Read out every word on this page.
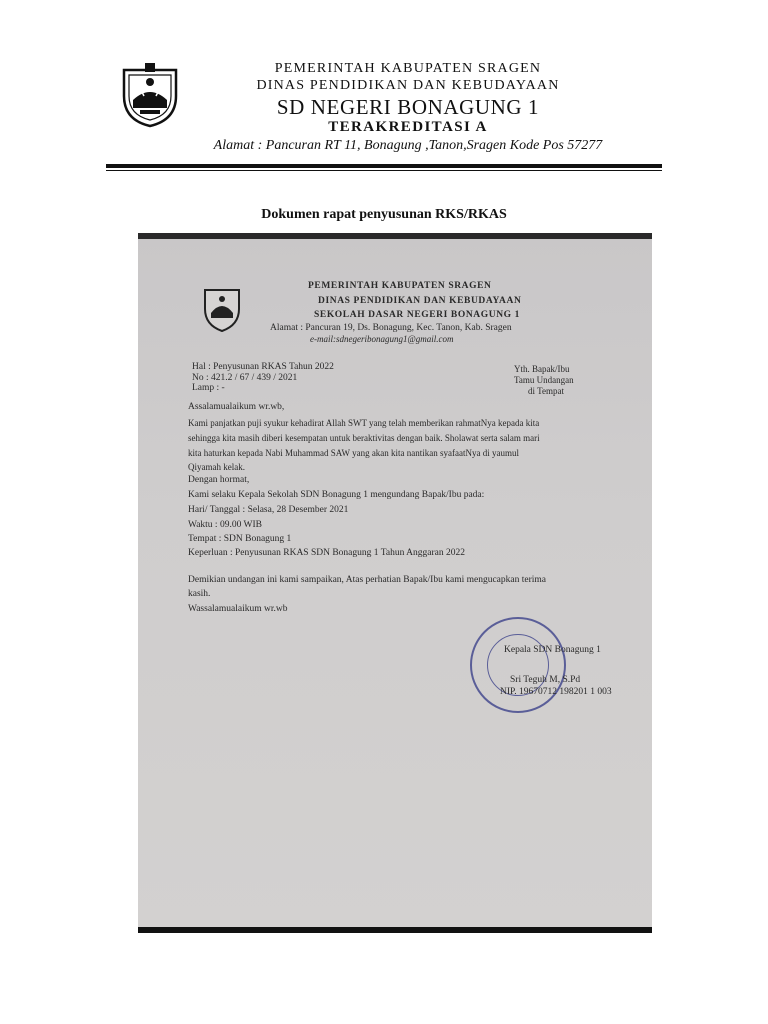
PEMERINTAH KABUPATEN SRAGEN
DINAS PENDIDIKAN DAN KEBUDAYAAN
SD NEGERI BONAGUNG 1
TERAKREDITASI A
Alamat : Pancuran RT 11, Bonagung ,Tanon,Sragen Kode Pos 57277
Dokumen rapat penyusunan RKS/RKAS
PEMERINTAH KABUPATEN SRAGEN
DINAS PENDIDIKAN DAN KEBUDAYAAN
SEKOLAH DASAR NEGERI BONAGUNG 1
Alamat : Pancuran 19, Ds. Bonagung, Kec. Tanon, Kab. Sragen
e-mail:sdnegeribonagung1@gmail.com
Hal : Penyusunan RKAS Tahun 2022
No : 421.2 / 67 / 439 / 2021
Lamp : -
Yth. Bapak/Ibu
Tamu Undangan
di Tempat
Assalamualaikum wr.wb,
Kami panjatkan puji syukur kehadirat Allah SWT yang telah memberikan rahmatNya kepada kita
sehingga kita masih diberi kesempatan untuk beraktivitas dengan baik. Sholawat serta salam mari
kita haturkan kepada Nabi Muhammad SAW yang akan kita nantikan syafaatNya di yaumul
Qiyamah kelak.
Dengan hormat,
Kami selaku Kepala Sekolah SDN Bonagung 1 mengundang Bapak/Ibu pada:
Hari/ Tanggal : Selasa, 28 Desember 2021
Waktu : 09.00 WIB
Tempat : SDN Bonagung 1
Keperluan : Penyusunan RKAS SDN Bonagung 1 Tahun Anggaran 2022
Demikian undangan ini kami sampaikan, Atas perhatian Bapak/Ibu kami mengucapkan terima
kasih.
Wassalamualaikum wr.wb
Kepala SDN Bonagung 1
Sri Teguh M, S.Pd
NIP. 19670712 198201 1 003
